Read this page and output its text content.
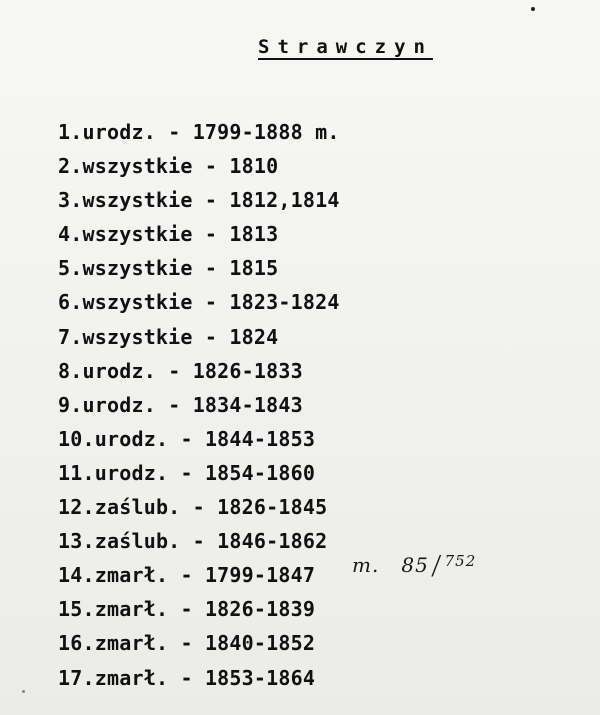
Strawczyn
1.urodz. - 1799-1888 m.
2.wszystkie - 1810
3.wszystkie - 1812,1814
4.wszystkie - 1813
5.wszystkie - 1815
6.wszystkie - 1823-1824
7.wszystkie - 1824
8.urodz. - 1826-1833
9.urodz. - 1834-1843
10.urodz. - 1844-1853
11.urodz. - 1854-1860
12.zaślub. - 1826-1845
13.zaślub. - 1846-1862
14.zmarł. - 1799-1847
15.zmarł. - 1826-1839
16.zmarł. - 1840-1852
17.zmarł. - 1853-1864
m. 85 / $^{752}$
